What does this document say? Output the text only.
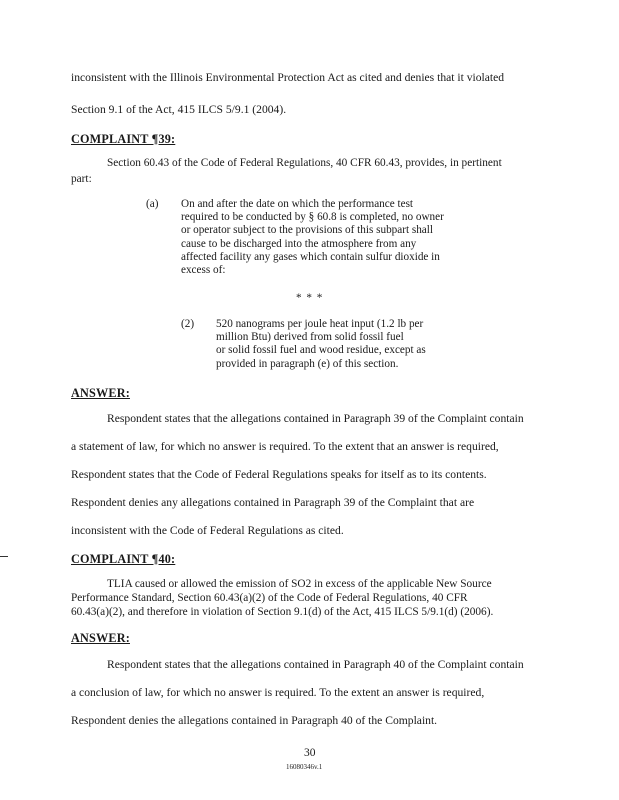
inconsistent with the Illinois Environmental Protection Act as cited and denies that it violated
Section 9.1 of the Act, 415 ILCS 5/9.1 (2004).
COMPLAINT ¶39:
Section 60.43 of the Code of Federal Regulations, 40 CFR 60.43, provides, in pertinent
part:
(a) On and after the date on which the performance test
required to be conducted by § 60.8 is completed, no owner
or operator subject to the provisions of this subpart shall
cause to be discharged into the atmosphere from any
affected facility any gases which contain sulfur dioxide in
excess of:
* * *
(2) 520 nanograms per joule heat input (1.2 lb per
million Btu) derived from solid fossil fuel
or solid fossil fuel and wood residue, except as
provided in paragraph (e) of this section.
ANSWER:
Respondent states that the allegations contained in Paragraph 39 of the Complaint contain
a statement of law, for which no answer is required. To the extent that an answer is required,
Respondent states that the Code of Federal Regulations speaks for itself as to its contents.
Respondent denies any allegations contained in Paragraph 39 of the Complaint that are
inconsistent with the Code of Federal Regulations as cited.
COMPLAINT ¶40:
TLIA caused or allowed the emission of SO2 in excess of the applicable New Source
Performance Standard, Section 60.43(a)(2) of the Code of Federal Regulations, 40 CFR
60.43(a)(2), and therefore in violation of Section 9.1(d) of the Act, 415 ILCS 5/9.1(d) (2006).
ANSWER:
Respondent states that the allegations contained in Paragraph 40 of the Complaint contain
a conclusion of law, for which no answer is required. To the extent an answer is required,
Respondent denies the allegations contained in Paragraph 40 of the Complaint.
30
16080346v.1
